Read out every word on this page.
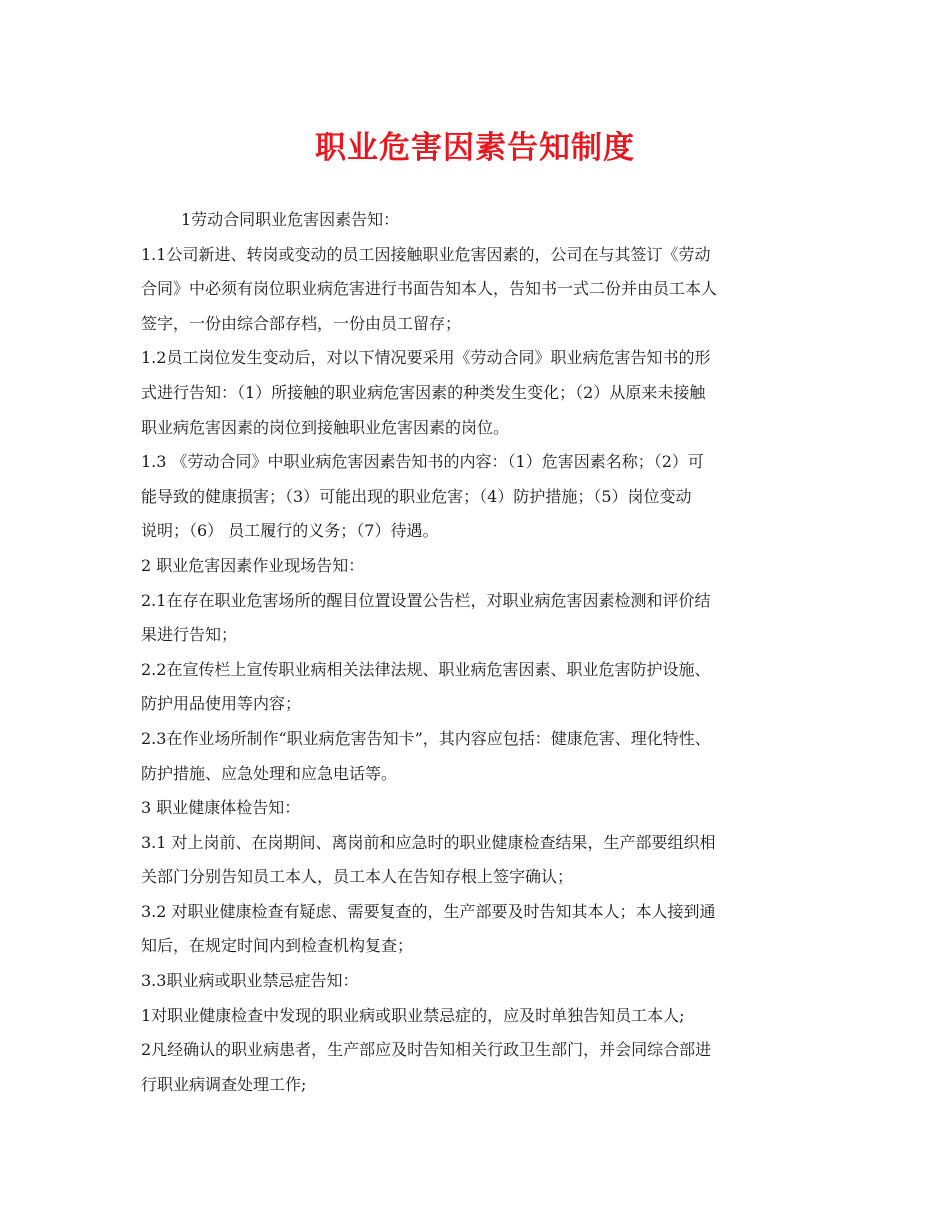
职业危害因素告知制度
1劳动合同职业危害因素告知：
1.1公司新进、转岗或变动的员工因接触职业危害因素的，公司在与其签订《劳动
合同》中必须有岗位职业病危害进行书面告知本人，告知书一式二份并由员工本人
签字，一份由综合部存档，一份由员工留存；
1.2员工岗位发生变动后，对以下情况要采用《劳动合同》职业病危害告知书的形
式进行告知：（1）所接触的职业病危害因素的种类发生变化；（2）从原来未接触
职业病危害因素的岗位到接触职业危害因素的岗位。
1.3 《劳动合同》中职业病危害因素告知书的内容：（1）危害因素名称；（2）可
能导致的健康损害；（3）可能出现的职业危害；（4）防护措施；（5）岗位变动
说明；（6） 员工履行的义务；（7）待遇。
2 职业危害因素作业现场告知：
2.1在存在职业危害场所的醒目位置设置公告栏，对职业病危害因素检测和评价结
果进行告知；
2.2在宣传栏上宣传职业病相关法律法规、职业病危害因素、职业危害防护设施、
防护用品使用等内容；
2.3在作业场所制作“职业病危害告知卡”，其内容应包括：健康危害、理化特性、
防护措施、应急处理和应急电话等。
3 职业健康体检告知：
3.1 对上岗前、在岗期间、离岗前和应急时的职业健康检查结果，生产部要组织相
关部门分别告知员工本人，员工本人在告知存根上签字确认；
3.2 对职业健康检查有疑虑、需要复查的，生产部要及时告知其本人；本人接到通
知后，在规定时间内到检查机构复查；
3.3职业病或职业禁忌症告知：
1对职业健康检查中发现的职业病或职业禁忌症的，应及时单独告知员工本人;
2凡经确认的职业病患者，生产部应及时告知相关行政卫生部门，并会同综合部进
行职业病调查处理工作;
